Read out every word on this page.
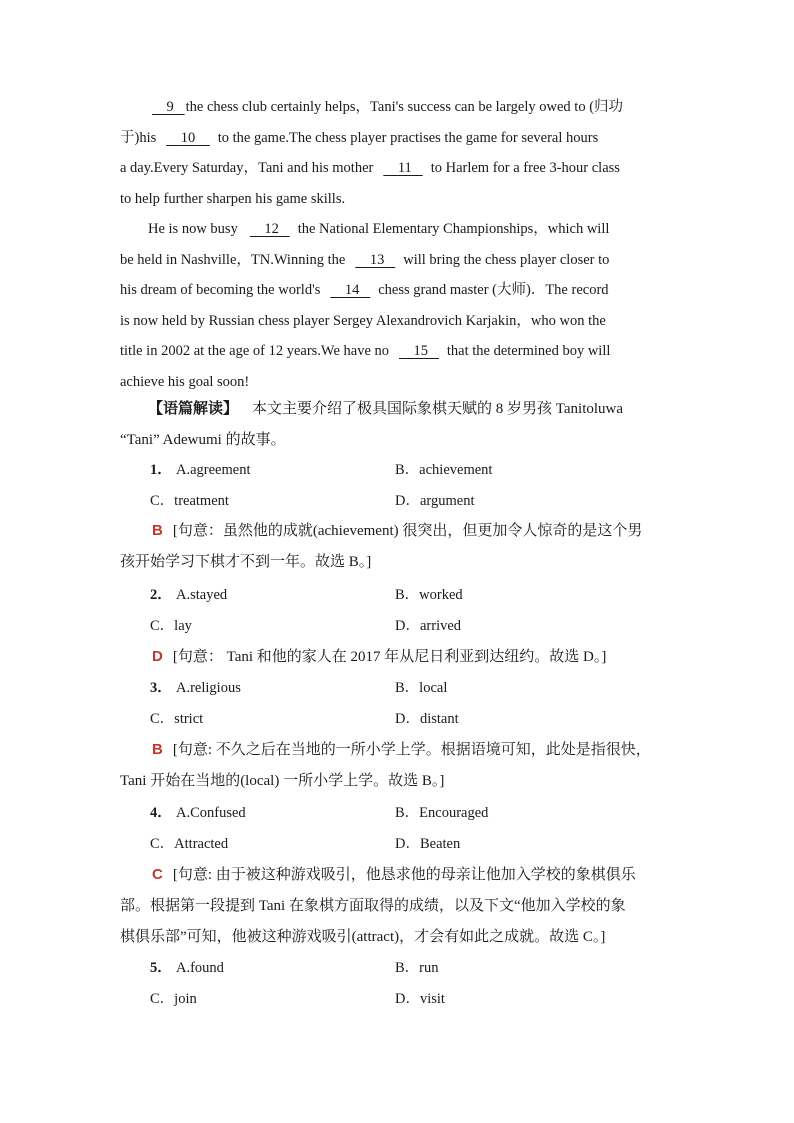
9 the chess club certainly helps，Tani's success can be largely owed to (归功
于)his	10	to the game.The chess player practises the game for several hours
a day.Every Saturday，Tani and his mother	11	to Harlem for a free 3-hour class
to help further sharpen his game skills.
He is now busy	12	the National Elementary Championships，which will
be held in Nashville，TN.Winning the	13	will bring the chess player closer to
his dream of becoming the world's	14	chess grand master (大师)．The record
is now held by Russian chess player Sergey Alexandrovich Karjakin，who won the
title in 2002 at the age of 12 years.We have no	15	that the determined boy will
achieve his goal soon!
【语篇解读】 本文主要介绍了极具国际象棋天赋的 8 岁男孩 Tanitoluwa
“Tani” Adewumi 的故事。
1． A.agreement	B．achievement
C．treatment	D．argument
B [句意：虽然他的成就(achievement) 很突出，但更加令人惊奇的是这个男
孩开始学习下棋才不到一年。故选 B。]
2． A.stayed	B．worked
C．lay	D．arrived
D [句意： Tani 和他的家人在 2017 年从尼日利亚到达纽约。故选 D。]
3． A.religious	B．local
C．strict	D．distant
B [句意: 不久之后在当地的一所小学上学。根据语境可知，此处是指很快，
Tani 开始在当地的(local) 一所小学上学。故选 B。]
4． A.Confused	B．Encouraged
C．Attracted	D．Beaten
C [句意: 由于被这种游戏吸引，他恳求他的母亲让他加入学校的象棋俱乐
部。根据第一段提到 Tani 在象棋方面取得的成绩，以及下文“他加入学校的象
棋俱乐部”可知，他被这种游戏吸引(attract)，才会有如此之成就。故选 C。]
5． A.found	B．run
C．join	D．visit
